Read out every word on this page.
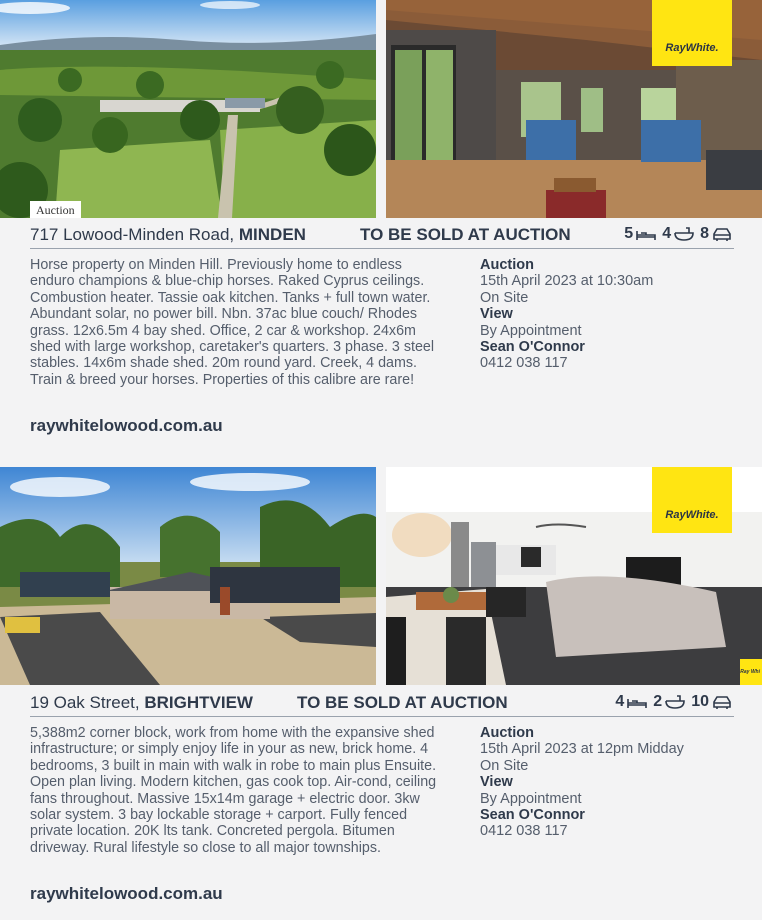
Auction
RayWhite.
717 Lowood-Minden Road, MINDEN	TO BE SOLD AT AUCTION	5 4 8

Horse property on Minden Hill. Previously home to endless enduro champions & blue-chip horses. Raked Cyprus ceilings. Combustion heater. Tassie oak kitchen. Tanks + full town water. Abundant solar, no power bill. Nbn. 37ac blue couch/ Rhodes grass. 12x6.5m 4 bay shed. Office, 2 car & workshop. 24x6m shed with large workshop, caretaker's quarters. 3 phase. 3 steel stables. 14x6m shade shed. 20m round yard. Creek, 4 dams. Train & breed your horses. Properties of this calibre are rare!

Auction
15th April 2023 at 10:30am
On Site
View
By Appointment
Sean O'Connor
0412 038 117
raywhitelowood.com.au
RayWhite.
Ray Whi
19 Oak Street, BRIGHTVIEW	TO BE SOLD AT AUCTION	4 2 10

5,388m2 corner block, work from home with the expansive shed infrastructure; or simply enjoy life in your as new, brick home. 4 bedrooms, 3 built in main with walk in robe to main plus Ensuite. Open plan living. Modern kitchen, gas cook top. Air-cond, ceiling fans throughout. Massive 15x14m garage + electric door. 3kw solar system. 3 bay lockable storage + carport. Fully fenced private location. 20K lts tank. Concreted pergola. Bitumen driveway. Rural lifestyle so close to all major townships.

Auction
15th April 2023 at 12pm Midday
On Site
View
By Appointment
Sean O'Connor
0412 038 117
raywhitelowood.com.au
